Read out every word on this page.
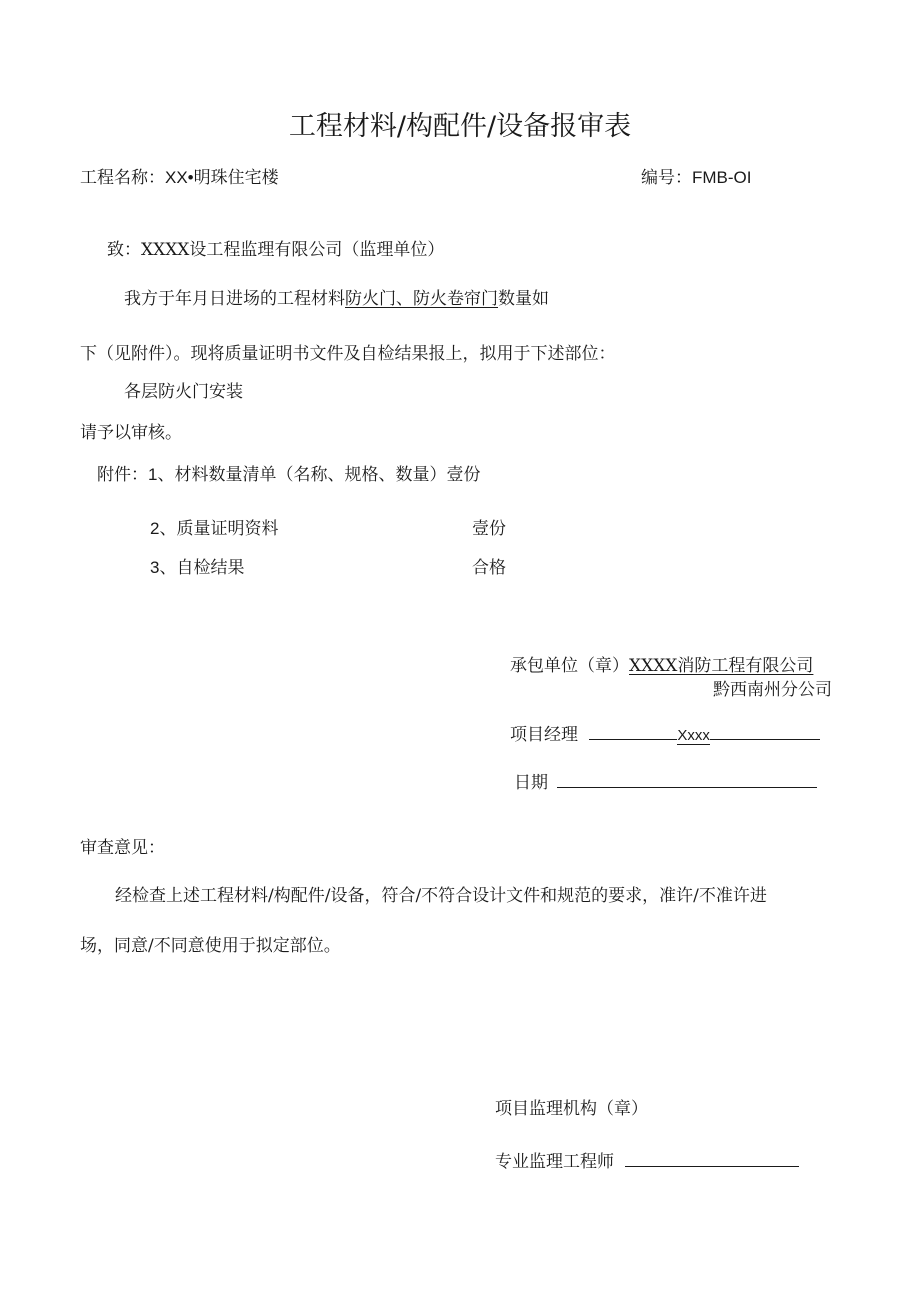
工程材料/构配件/设备报审表
工程名称：XX•明珠住宅楼	编号：FMB-OI
致：XXXX设工程监理有限公司（监理单位）
我方于年月日进场的工程材料防火门、防火卷帘门数量如
下（见附件）。现将质量证明书文件及自检结果报上，拟用于下述部位：
各层防火门安装
请予以审核。
附件：1、材料数量清单（名称、规格、数量）壹份
2、质量证明资料	壹份
3、自检结果	合格
承包单位（章）XXXX消防工程有限公司
黔西南州分公司
项目经理	Xxxx
日期
审查意见：
经检查上述工程材料/构配件/设备，符合/不符合设计文件和规范的要求，准许/不准许进
场，同意/不同意使用于拟定部位。
项目监理机构（章）
专业监理工程师
